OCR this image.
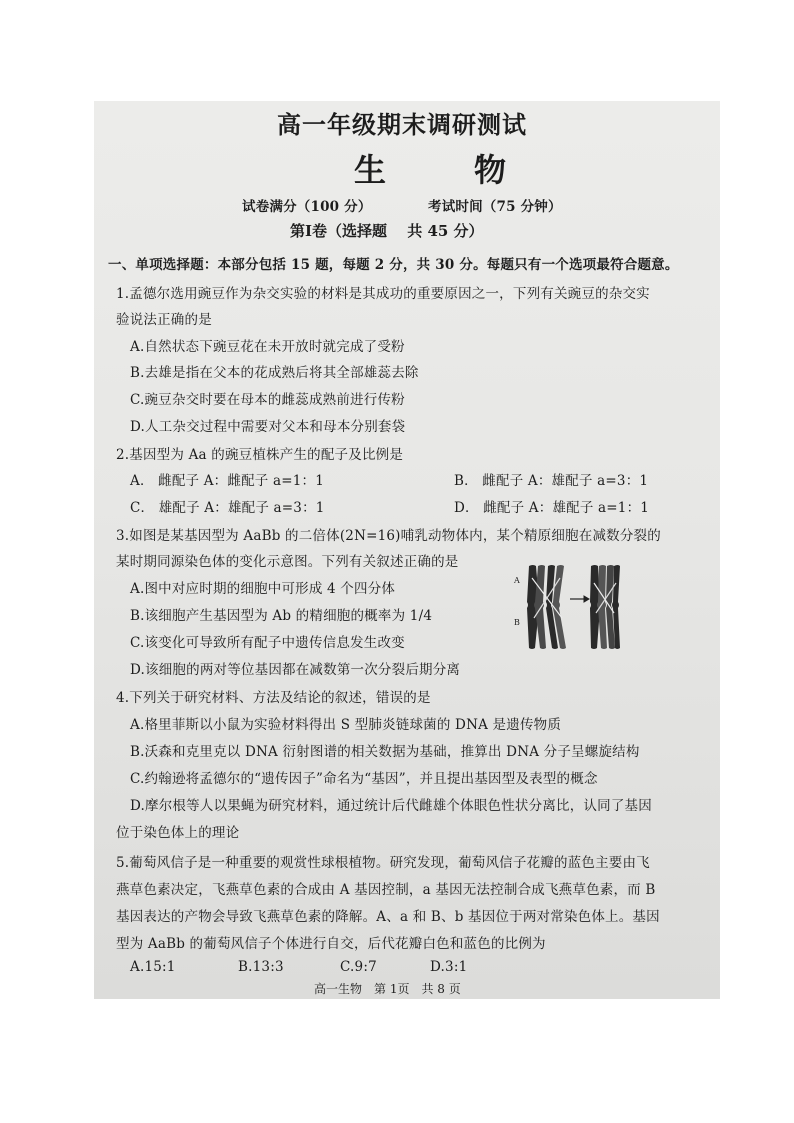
高一年级期末调研测试
生　物
试卷满分（100 分）	考试时间（75 分钟）
第Ⅰ卷（选择题　 共 45 分）
一、单项选择题：本部分包括 15 题，每题 2 分，共 30 分。每题只有一个选项最符合题意。
1.孟德尔选用豌豆作为杂交实验的材料是其成功的重要原因之一，下列有关豌豆的杂交实
验说法正确的是
A.自然状态下豌豆花在未开放时就完成了受粉
B.去雄是指在父本的花成熟后将其全部雄蕊去除
C.豌豆杂交时要在母本的雌蕊成熟前进行传粉
D.人工杂交过程中需要对父本和母本分别套袋
2.基因型为 Aa 的豌豆植株产生的配子及比例是
A． 雌配子 A：雌配子 a=1：1	B． 雌配子 A：雄配子 a=3：1
C． 雄配子 A：雄配子 a=3：1	D． 雌配子 A：雄配子 a=1：1
3.如图是某基因型为 AaBb 的二倍体(2N=16)哺乳动物体内，某个精原细胞在减数分裂的
某时期同源染色体的变化示意图。下列有关叙述正确的是
A.图中对应时期的细胞中可形成 4 个四分体
B.该细胞产生基因型为 Ab 的精细胞的概率为 1/4
C.该变化可导致所有配子中遗传信息发生改变
D.该细胞的两对等位基因都在减数第一次分裂后期分离
A
B
4.下列关于研究材料、方法及结论的叙述，错误的是
A.格里菲斯以小鼠为实验材料得出 S 型肺炎链球菌的 DNA 是遗传物质
B.沃森和克里克以 DNA 衍射图谱的相关数据为基础，推算出 DNA 分子呈螺旋结构
C.约翰逊将孟德尔的“遗传因子”命名为“基因”，并且提出基因型及表型的概念
D.摩尔根等人以果蝇为研究材料，通过统计后代雌雄个体眼色性状分离比，认同了基因
位于染色体上的理论
5.葡萄风信子是一种重要的观赏性球根植物。研究发现，葡萄风信子花瓣的蓝色主要由飞
燕草色素决定，飞燕草色素的合成由 A 基因控制，a 基因无法控制合成飞燕草色素，而 B
基因表达的产物会导致飞燕草色素的降解。A、a 和 B、b 基因位于两对常染色体上。基因
型为 AaBb 的葡萄风信子个体进行自交，后代花瓣白色和蓝色的比例为
A.15:1	B.13:3	C.9:7	D.3:1
高一生物　第 1页　共 8 页
